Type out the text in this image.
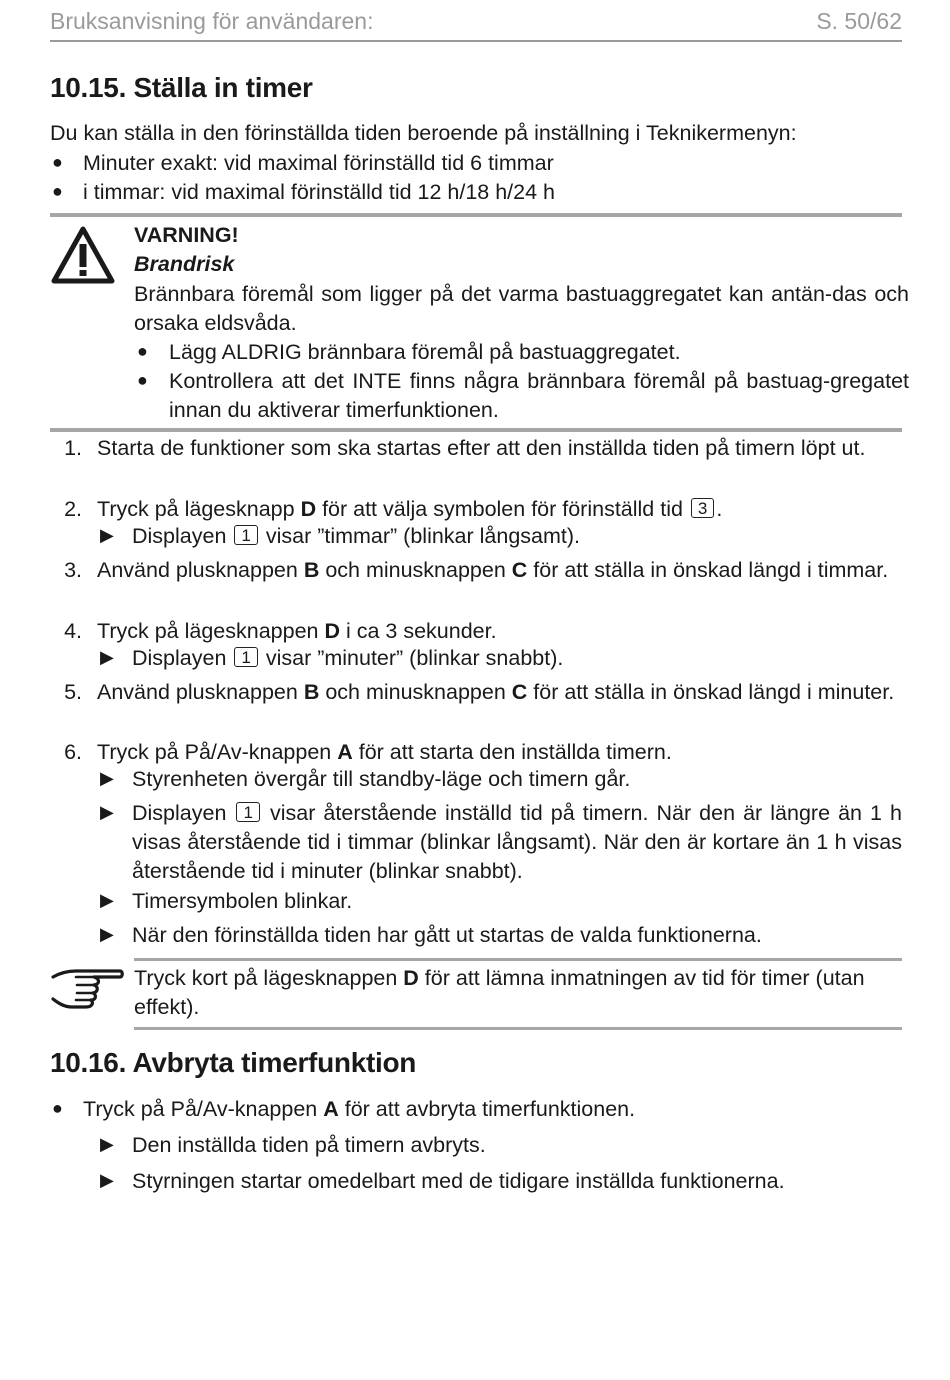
Bruksanvisning för användaren:	S. 50/62
10.15. Ställa in timer
Du kan ställa in den förinställda tiden beroende på inställning i Teknikermenyn:
● Minuter exakt: vid maximal förinställd tid 6 timmar
● i timmar: vid maximal förinställd tid 12 h/18 h/24 h
VARNING!
Brandrisk
Brännbara föremål som ligger på det varma bastuaggregatet kan antän-das och orsaka eldsvåda.
● Lägg ALDRIG brännbara föremål på bastuaggregatet.
● Kontrollera att det INTE finns några brännbara föremål på bastuag-gregatet innan du aktiverar timerfunktionen.
1. Starta de funktioner som ska startas efter att den inställda tiden på timern löpt ut.
2. Tryck på lägesknapp D för att välja symbolen för förinställd tid 3 .
▶ Displayen 1 visar ”timmar” (blinkar långsamt).
3. Använd plusknappen B och minusknappen C för att ställa in önskad längd i timmar.
4. Tryck på lägesknappen D i ca 3 sekunder.
▶ Displayen 1 visar ”minuter” (blinkar snabbt).
5. Använd plusknappen B och minusknappen C för att ställa in önskad längd i minuter.
6. Tryck på På/Av-knappen A för att starta den inställda timern.
▶ Styrenheten övergår till standby-läge och timern går.
▶ Displayen 1 visar återstående inställd tid på timern. När den är längre än 1 h visas återstående tid i timmar (blinkar långsamt). När den är kortare än 1 h visas återstående tid i minuter (blinkar snabbt).
▶ Timersymbolen blinkar.
▶ När den förinställda tiden har gått ut startas de valda funktionerna.
Tryck kort på lägesknappen D för att lämna inmatningen av tid för timer (utan effekt).
10.16. Avbryta timerfunktion
● Tryck på På/Av-knappen A för att avbryta timerfunktionen.
▶ Den inställda tiden på timern avbryts.
▶ Styrningen startar omedelbart med de tidigare inställda funktionerna.
